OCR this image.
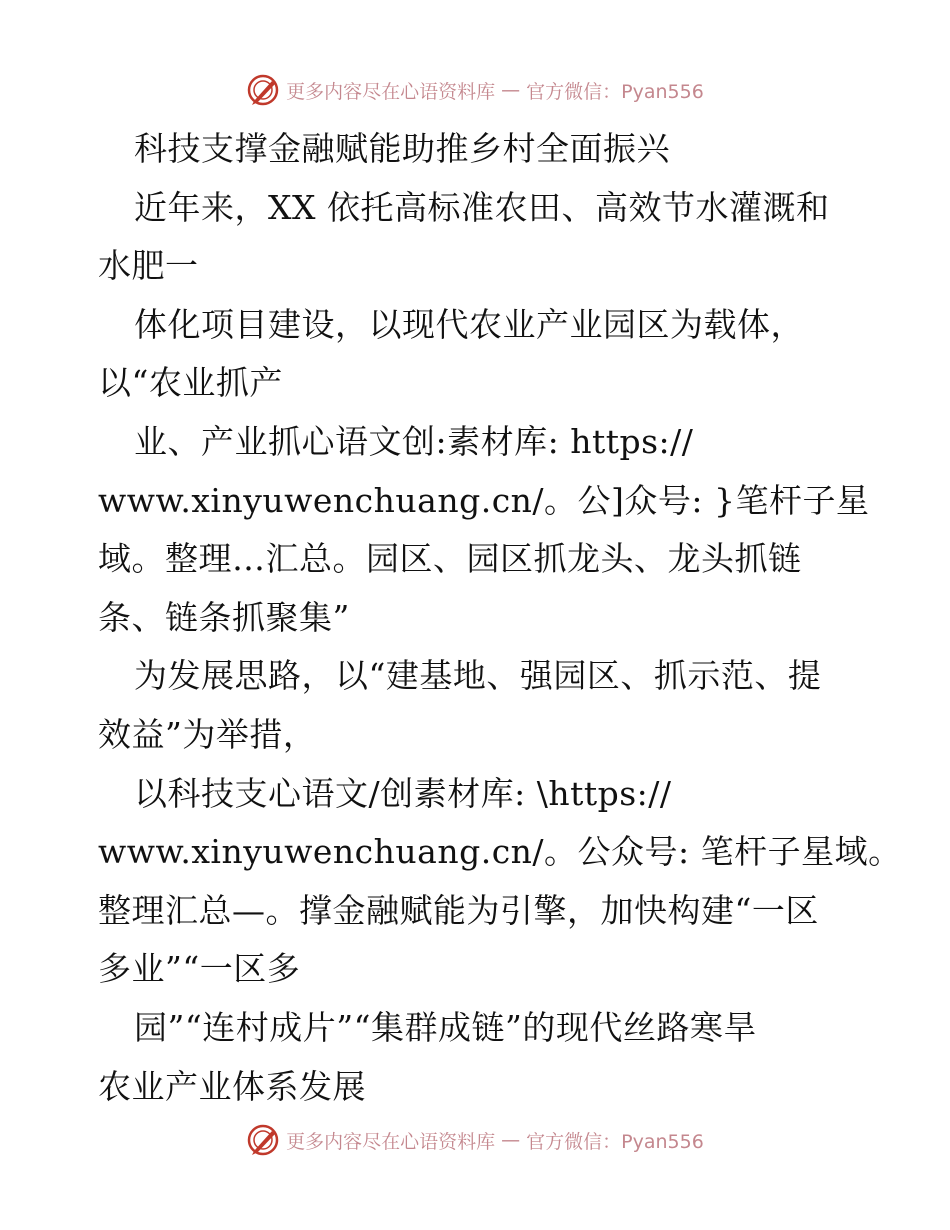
更多内容尽在心语资料库 — 官方微信：Pyan556
科技支撑金融赋能助推乡村全面振兴
近年来，XX 依托高标准农田、高效节水灌溉和
水肥一
体化项目建设，以现代农业产业园区为载体，
以“农业抓产
业、产业抓心语文创:素材库: https://
www.xinyuwenchuang.cn/。公]众号: }笔杆子星
域。整理…汇总。园区、园区抓龙头、龙头抓链
条、链条抓聚集”
为发展思路，以“建基地、强园区、抓示范、提
效益”为举措，
以科技支心语文/创素材库: \https://
www.xinyuwenchuang.cn/。公众号: 笔杆子星域。
整理汇总—。撑金融赋能为引擎，加快构建“一区
多业”“一区多
园”“连村成片”“集群成链”的现代丝路寒旱
农业产业体系发展
更多内容尽在心语资料库 — 官方微信：Pyan556
